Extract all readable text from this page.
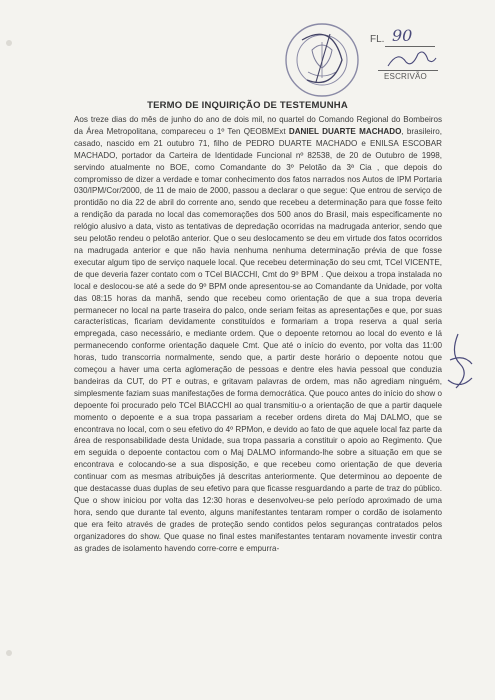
FL. 90
ESCRIVÃO
TERMO DE INQUIRIÇÃO DE TESTEMUNHA
Aos treze dias do mês de junho do ano de dois mil, no quartel do Comando Regional do Bombeiros da Área Metropolitana, compareceu o 1º Ten QEOBMExt DANIEL DUARTE MACHADO, brasileiro, casado, nascido em 21 outubro 71, filho de PEDRO DUARTE MACHADO e ENILSA ESCOBAR MACHADO, portador da Carteira de Identidade Funcional nº 82538, de 20 de Outubro de 1998, servindo atualmente no BOE, como Comandante do 3º Pelotão da 3ª Cia , que depois do compromisso de dizer a verdade e tomar conhecimento dos fatos narrados nos Autos de IPM Portaria 030/IPM/Cor/2000, de 11 de maio de 2000, passou a declarar o que segue: Que entrou de serviço de prontidão no dia 22 de abril do corrente ano, sendo que recebeu a determinação para que fosse feito a rendição da parada no local das comemorações dos 500 anos do Brasil, mais especificamente no relógio alusivo a data, visto as tentativas de depredação ocorridas na madrugada anterior, sendo que seu pelotão rendeu o pelotão anterior. Que o seu deslocamento se deu em virtude dos fatos ocorridos na madrugada anterior e que não havia nenhuma nenhuma determinação prévia de que fosse executar algum tipo de serviço naquele local. Que recebeu determinação do seu cmt, TCel VICENTE, de que deveria fazer contato com o TCel BIACCHI, Cmt do 9º BPM . Que deixou a tropa instalada no local e deslocou-se até a sede do 9º BPM onde apresentou-se ao Comandante da Unidade, por volta das 08:15 horas da manhã, sendo que recebeu como orientação de que a sua tropa deveria permanecer no local na parte traseira do palco, onde seriam feitas as apresentações e que, por suas características, ficariam devidamente constituídos e formariam a tropa reserva a qual seria empregada, caso necessário, e mediante ordem. Que o depoente retornou ao local do evento e lá permanecendo conforme orientação daquele Cmt. Que até o início do evento, por volta das 11:00 horas, tudo transcorria normalmente, sendo que, a partir deste horário o depoente notou que começou a haver uma certa aglomeração de pessoas e dentre eles havia pessoal que conduzia bandeiras da CUT, do PT e outras, e gritavam palavras de ordem, mas não agrediam ninguém, simplesmente faziam suas manifestações de forma democrática. Que pouco antes do início do show o depoente foi procurado pelo TCel BIACCHI ao qual transmitiu-o a orientação de que a partir daquele momento o depoente e a sua tropa passariam a receber ordens direta do Maj DALMO, que se encontrava no local, com o seu efetivo do 4º RPMon, e devido ao fato de que aquele local faz parte da área de responsabilidade desta Unidade, sua tropa passaria a constituir o apoio ao Regimento. Que em seguida o depoente contactou com o Maj DALMO informando-lhe sobre a situação em que se encontrava e colocando-se a sua disposição, e que recebeu como orientação de que deveria continuar com as mesmas atribuições já descritas anteriormente. Que determinou ao depoente de que destacasse duas duplas de seu efetivo para que ficasse resguardando a parte de traz do público. Que o show iniciou por volta das 12:30 horas e desenvolveu-se pelo período aproximado de uma hora, sendo que durante tal evento, alguns manifestantes tentaram romper o cordão de isolamento que era feito através de grades de proteção sendo contidos pelos seguranças contratados pelos organizadores do show. Que quase no final estes manifestantes tentaram novamente investir contra as grades de isolamento havendo corre-corre e empurra-
